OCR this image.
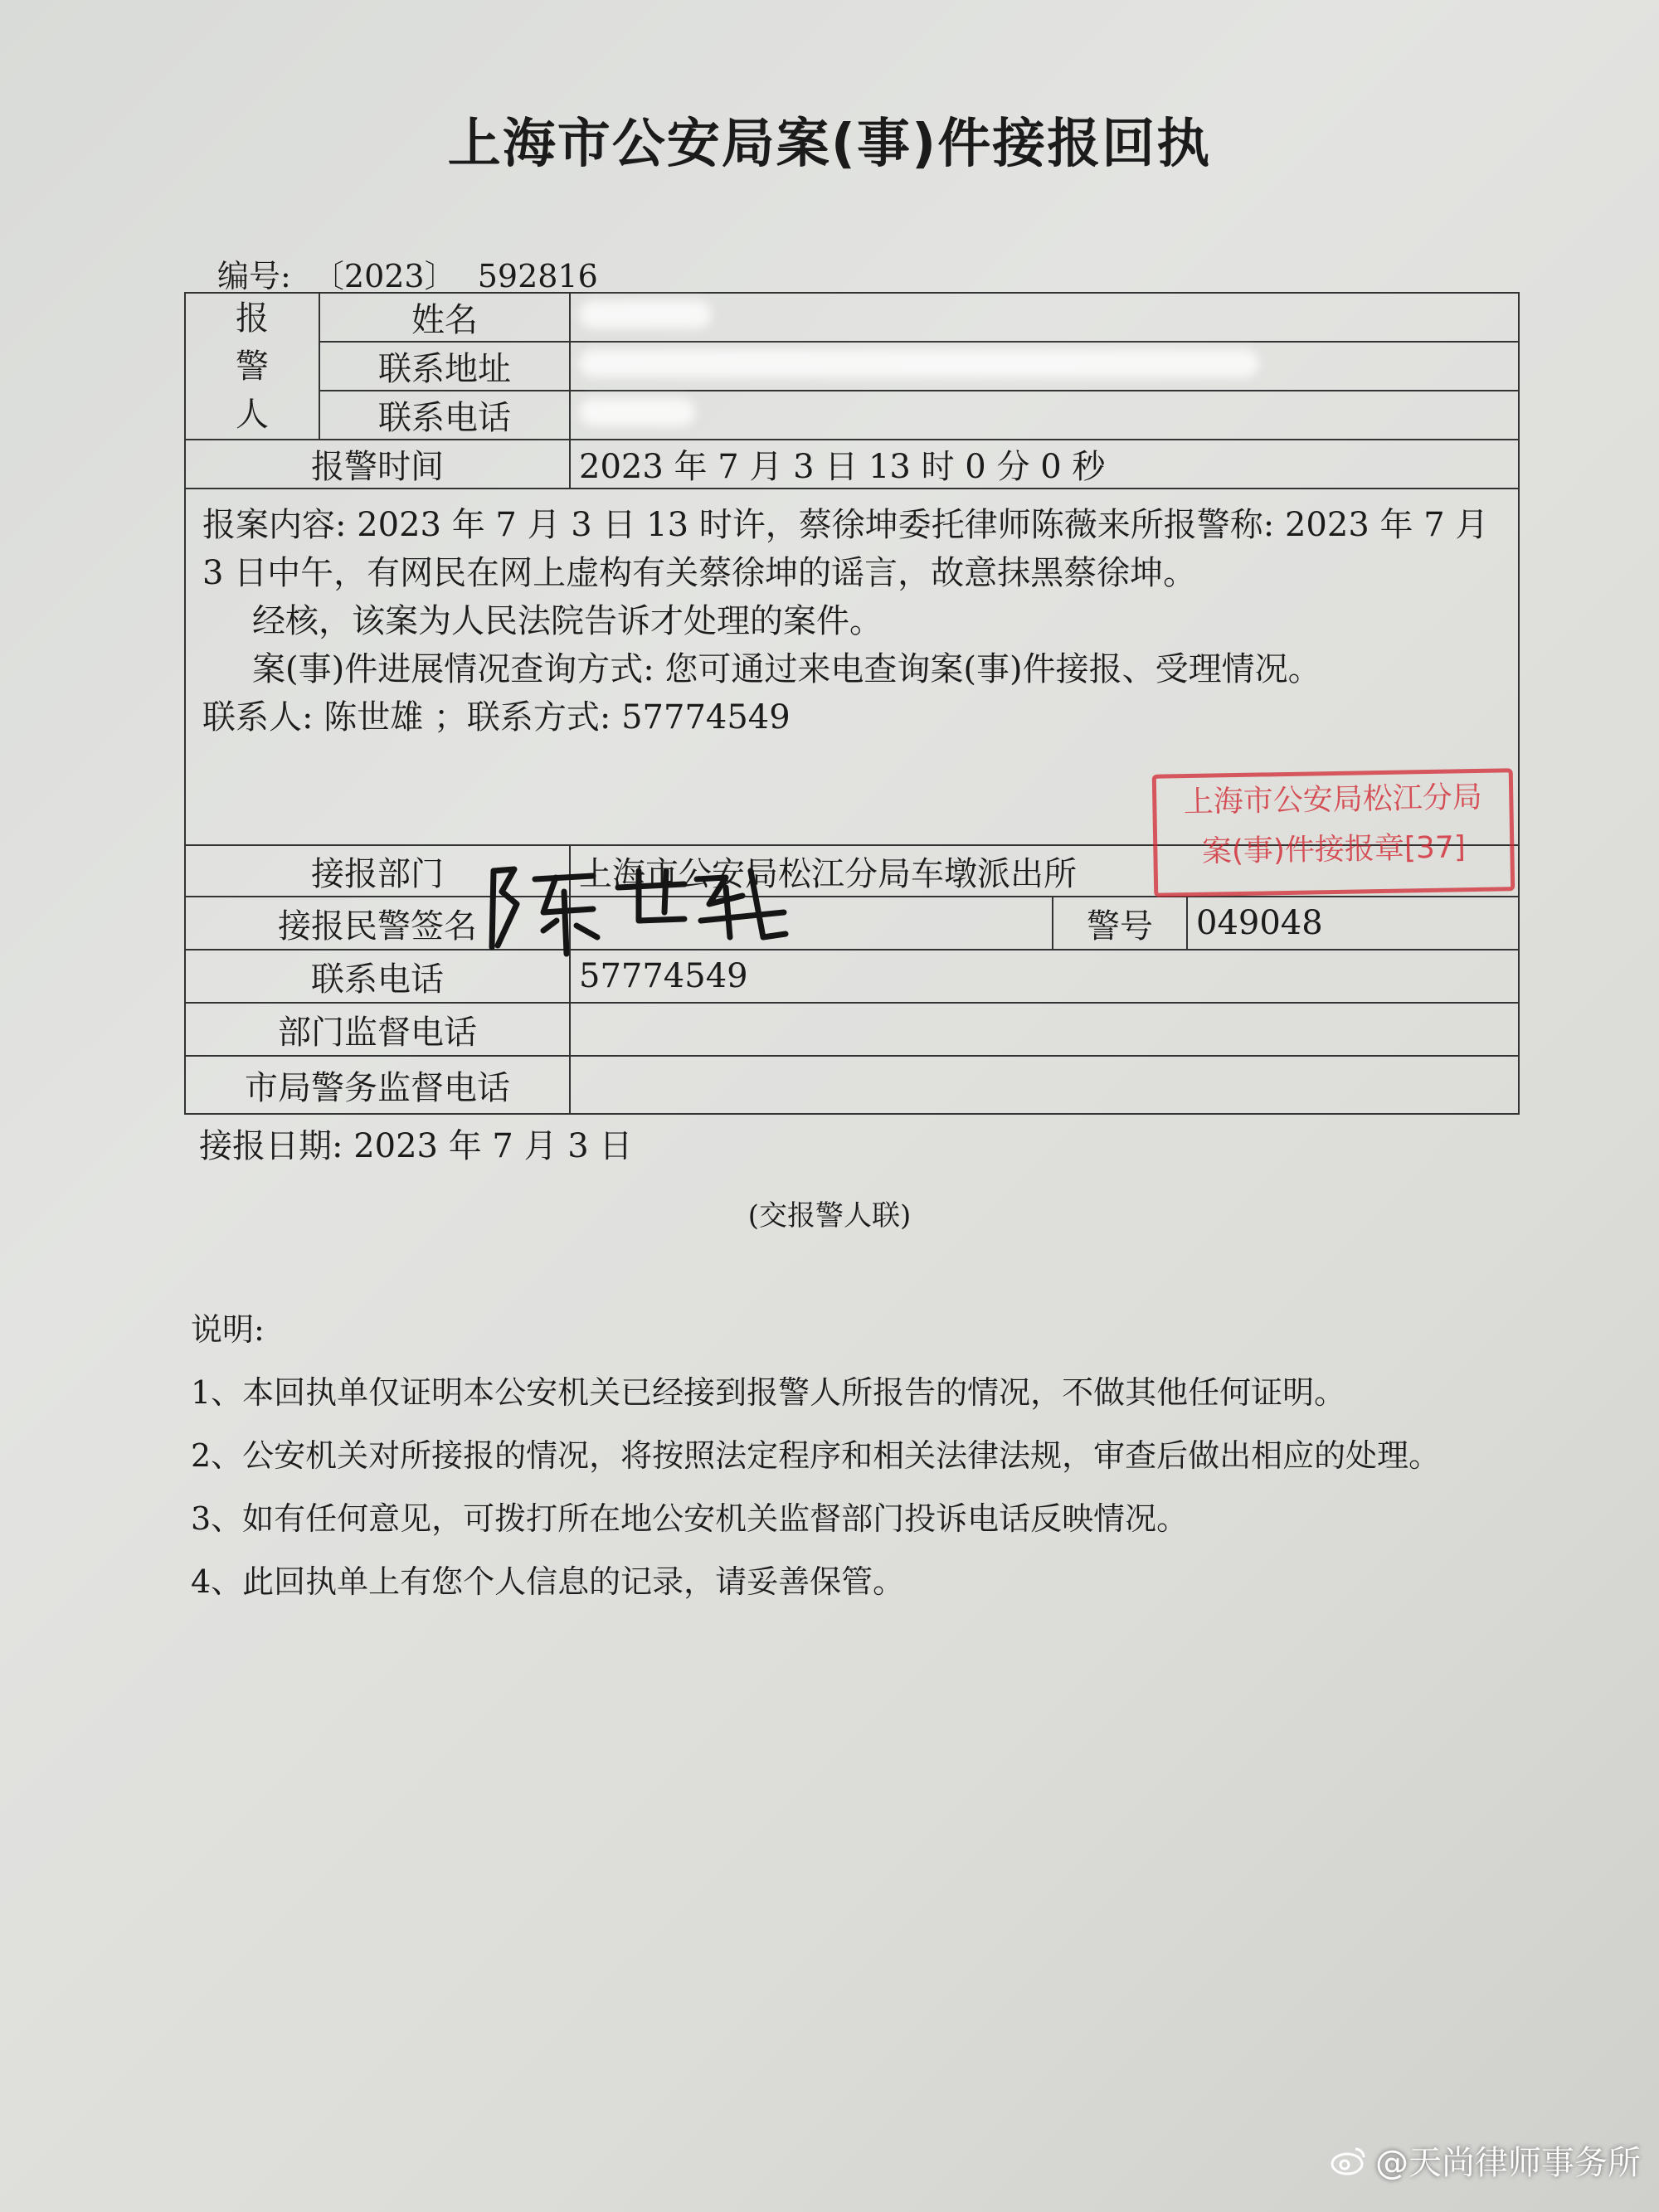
上海市公安局案(事)件接报回执
编号: 〔2023〕 592816
报警人	姓名			
	联系地址			
	联系电话			
报警时间		2023 年 7 月 3 日 13 时 0 分 0 秒		

报案内容: 2023 年 7 月 3 日 13 时许，蔡徐坤委托律师陈薇来所报警称: 2023 年 7 月 3 日中午，有网民在网上虚构有关蔡徐坤的谣言，故意抹黑蔡徐坤。

经核，该案为人民法院告诉才处理的案件。

案(事)件进展情况查询方式: 您可通过来电查询案(事)件接报、受理情况。

联系人: 陈世雄 ；联系方式: 57774549				

接报部门		上海市公安局松江分局车墩派出所		
接报民警签名			警号	049048
联系电话		57774549		
部门监督电话				
市局警务监督电话				
上海市公安局松江分局
案(事)件接报章[37]
接报日期: 2023 年 7 月 3 日
(交报警人联)

说明:

1、本回执单仅证明本公安机关已经接到报警人所报告的情况，不做其他任何证明。

2、公安机关对所接报的情况，将按照法定程序和相关法律法规，审查后做出相应的处理。

3、如有任何意见，可拨打所在地公安机关监督部门投诉电话反映情况。

4、此回执单上有您个人信息的记录，请妥善保管。

@天尚律师事务所
